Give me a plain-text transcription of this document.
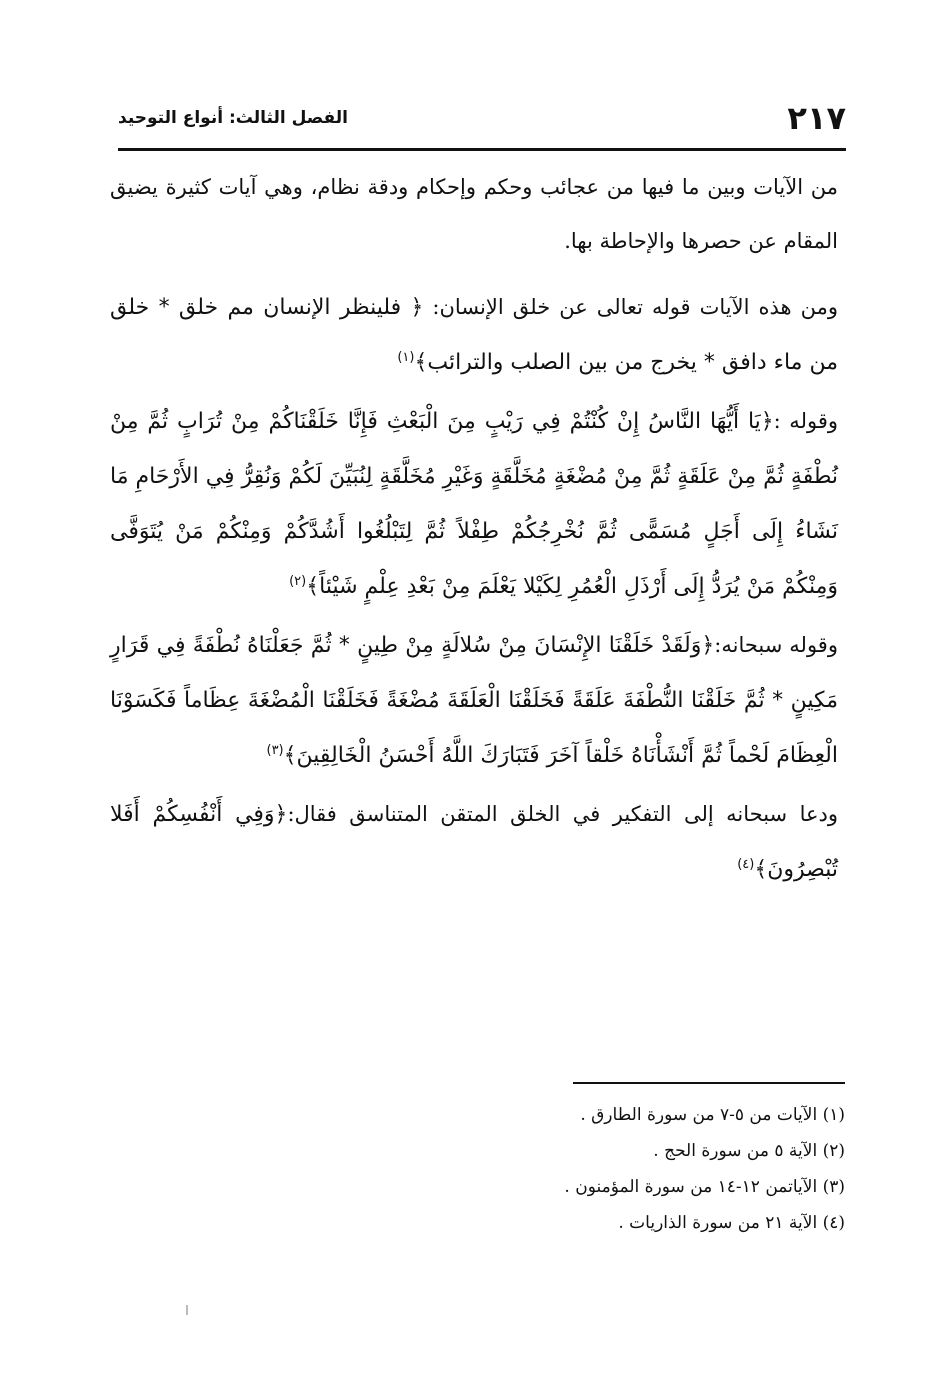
٢١٧
الفصل الثالث: أنواع التوحيد

من الآيات وبين ما فيها من عجائب وحكم وإحكام ودقة نظام، وهي آيات كثيرة يضيق المقام عن حصرها والإحاطة بها.

ومن هذه الآيات قوله تعالى عن خلق الإنسان: ﴿ فلينظر الإنسان مم خلق * خلق من ماء دافق * يخرج من بين الصلب والترائب﴾$^{(١)}$

وقوله :﴿يَا أَيُّهَا النَّاسُ إِنْ كُنْتُمْ فِي رَيْبٍ مِنَ الْبَعْثِ فَإِنَّا خَلَقْنَاكُمْ مِنْ تُرَابٍ ثُمَّ مِنْ نُطْفَةٍ ثُمَّ مِنْ عَلَقَةٍ ثُمَّ مِنْ مُضْغَةٍ مُخَلَّقَةٍ وَغَيْرِ مُخَلَّقَةٍ لِنُبَيِّنَ لَكُمْ وَنُقِرُّ فِي الأَرْحَامِ مَا نَشَاءُ إِلَى أَجَلٍ مُسَمًّى ثُمَّ نُخْرِجُكُمْ طِفْلاً ثُمَّ لِتَبْلُغُوا أَشُدَّكُمْ وَمِنْكُمْ مَنْ يُتَوَفَّى وَمِنْكُمْ مَنْ يُرَدُّ إِلَى أَرْذَلِ الْعُمُرِ لِكَيْلا يَعْلَمَ مِنْ بَعْدِ عِلْمٍ شَيْئاً﴾$^{(٢)}$

وقوله سبحانه:﴿وَلَقَدْ خَلَقْنَا الإِنْسَانَ مِنْ سُلالَةٍ مِنْ طِينٍ * ثُمَّ جَعَلْنَاهُ نُطْفَةً فِي قَرَارٍ مَكِينٍ * ثُمَّ خَلَقْنَا النُّطْفَةَ عَلَقَةً فَخَلَقْنَا الْعَلَقَةَ مُضْغَةً فَخَلَقْنَا الْمُضْغَةَ عِظَاماً فَكَسَوْنَا الْعِظَامَ لَحْماً ثُمَّ أَنْشَأْنَاهُ خَلْقاً آخَرَ فَتَبَارَكَ اللَّهُ أَحْسَنُ الْخَالِقِينَ﴾$^{(٣)}$

ودعا سبحانه إلى التفكير في الخلق المتقن المتناسق فقال:﴿وَفِي أَنْفُسِكُمْ أَفَلا تُبْصِرُونَ﴾$^{(٤)}$

(١) الآيات من ٥-٧ من سورة الطارق .
(٢) الآية ٥ من سورة الحج .
(٣) الآياتمن ١٢-١٤ من سورة المؤمنون .
(٤) الآية ٢١ من سورة الذاريات .
